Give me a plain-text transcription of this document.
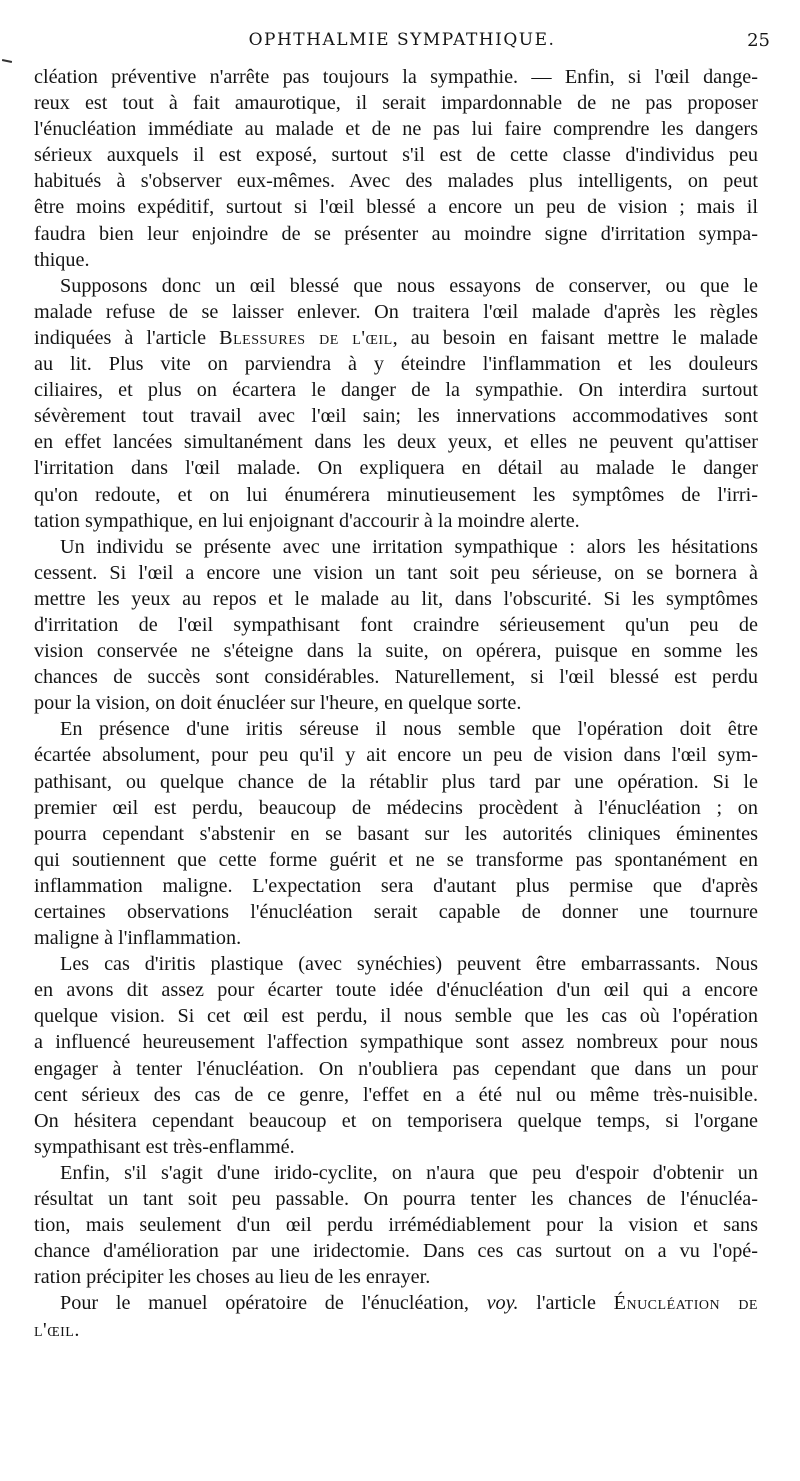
OPHTHALMIE SYMPATHIQUE.	25

cléation préventive n'arrête pas toujours la sympathie. — Enfin, si l'œil dange-
reux est tout à fait amaurotique, il serait impardonnable de ne pas proposer
l'énucléation immédiate au malade et de ne pas lui faire comprendre les dangers
sérieux auxquels il est exposé, surtout s'il est de cette classe d'individus peu
habitués à s'observer eux-mêmes. Avec des malades plus intelligents, on peut
être moins expéditif, surtout si l'œil blessé a encore un peu de vision ; mais il
faudra bien leur enjoindre de se présenter au moindre signe d'irritation sympa-
thique.

Supposons donc un œil blessé que nous essayons de conserver, ou que le
malade refuse de se laisser enlever. On traitera l'œil malade d'après les règles
indiquées à l'article Blessures de l'œil, au besoin en faisant mettre le malade
au lit. Plus vite on parviendra à y éteindre l'inflammation et les douleurs
ciliaires, et plus on écartera le danger de la sympathie. On interdira surtout
sévèrement tout travail avec l'œil sain; les innervations accommodatives sont
en effet lancées simultanément dans les deux yeux, et elles ne peuvent qu'attiser
l'irritation dans l'œil malade. On expliquera en détail au malade le danger
qu'on redoute, et on lui énumérera minutieusement les symptômes de l'irri-
tation sympathique, en lui enjoignant d'accourir à la moindre alerte.

Un individu se présente avec une irritation sympathique : alors les hésitations
cessent. Si l'œil a encore une vision un tant soit peu sérieuse, on se bornera à
mettre les yeux au repos et le malade au lit, dans l'obscurité. Si les symptômes
d'irritation de l'œil sympathisant font craindre sérieusement qu'un peu de
vision conservée ne s'éteigne dans la suite, on opérera, puisque en somme les
chances de succès sont considérables. Naturellement, si l'œil blessé est perdu
pour la vision, on doit énucléer sur l'heure, en quelque sorte.

En présence d'une iritis séreuse il nous semble que l'opération doit être
écartée absolument, pour peu qu'il y ait encore un peu de vision dans l'œil sym-
pathisant, ou quelque chance de la rétablir plus tard par une opération. Si le
premier œil est perdu, beaucoup de médecins procèdent à l'énucléation ; on
pourra cependant s'abstenir en se basant sur les autorités cliniques éminentes
qui soutiennent que cette forme guérit et ne se transforme pas spontanément en
inflammation maligne. L'expectation sera d'autant plus permise que d'après
certaines observations l'énucléation serait capable de donner une tournure
maligne à l'inflammation.

Les cas d'iritis plastique (avec synéchies) peuvent être embarrassants. Nous
en avons dit assez pour écarter toute idée d'énucléation d'un œil qui a encore
quelque vision. Si cet œil est perdu, il nous semble que les cas où l'opération
a influencé heureusement l'affection sympathique sont assez nombreux pour nous
engager à tenter l'énucléation. On n'oubliera pas cependant que dans un pour
cent sérieux des cas de ce genre, l'effet en a été nul ou même très-nuisible.
On hésitera cependant beaucoup et on temporisera quelque temps, si l'organe
sympathisant est très-enflammé.

Enfin, s'il s'agit d'une irido-cyclite, on n'aura que peu d'espoir d'obtenir un
résultat un tant soit peu passable. On pourra tenter les chances de l'énucléa-
tion, mais seulement d'un œil perdu irrémédiablement pour la vision et sans
chance d'amélioration par une iridectomie. Dans ces cas surtout on a vu l'opé-
ration précipiter les choses au lieu de les enrayer.

Pour le manuel opératoire de l'énucléation, voy. l'article Énucléation de
l'œil.
